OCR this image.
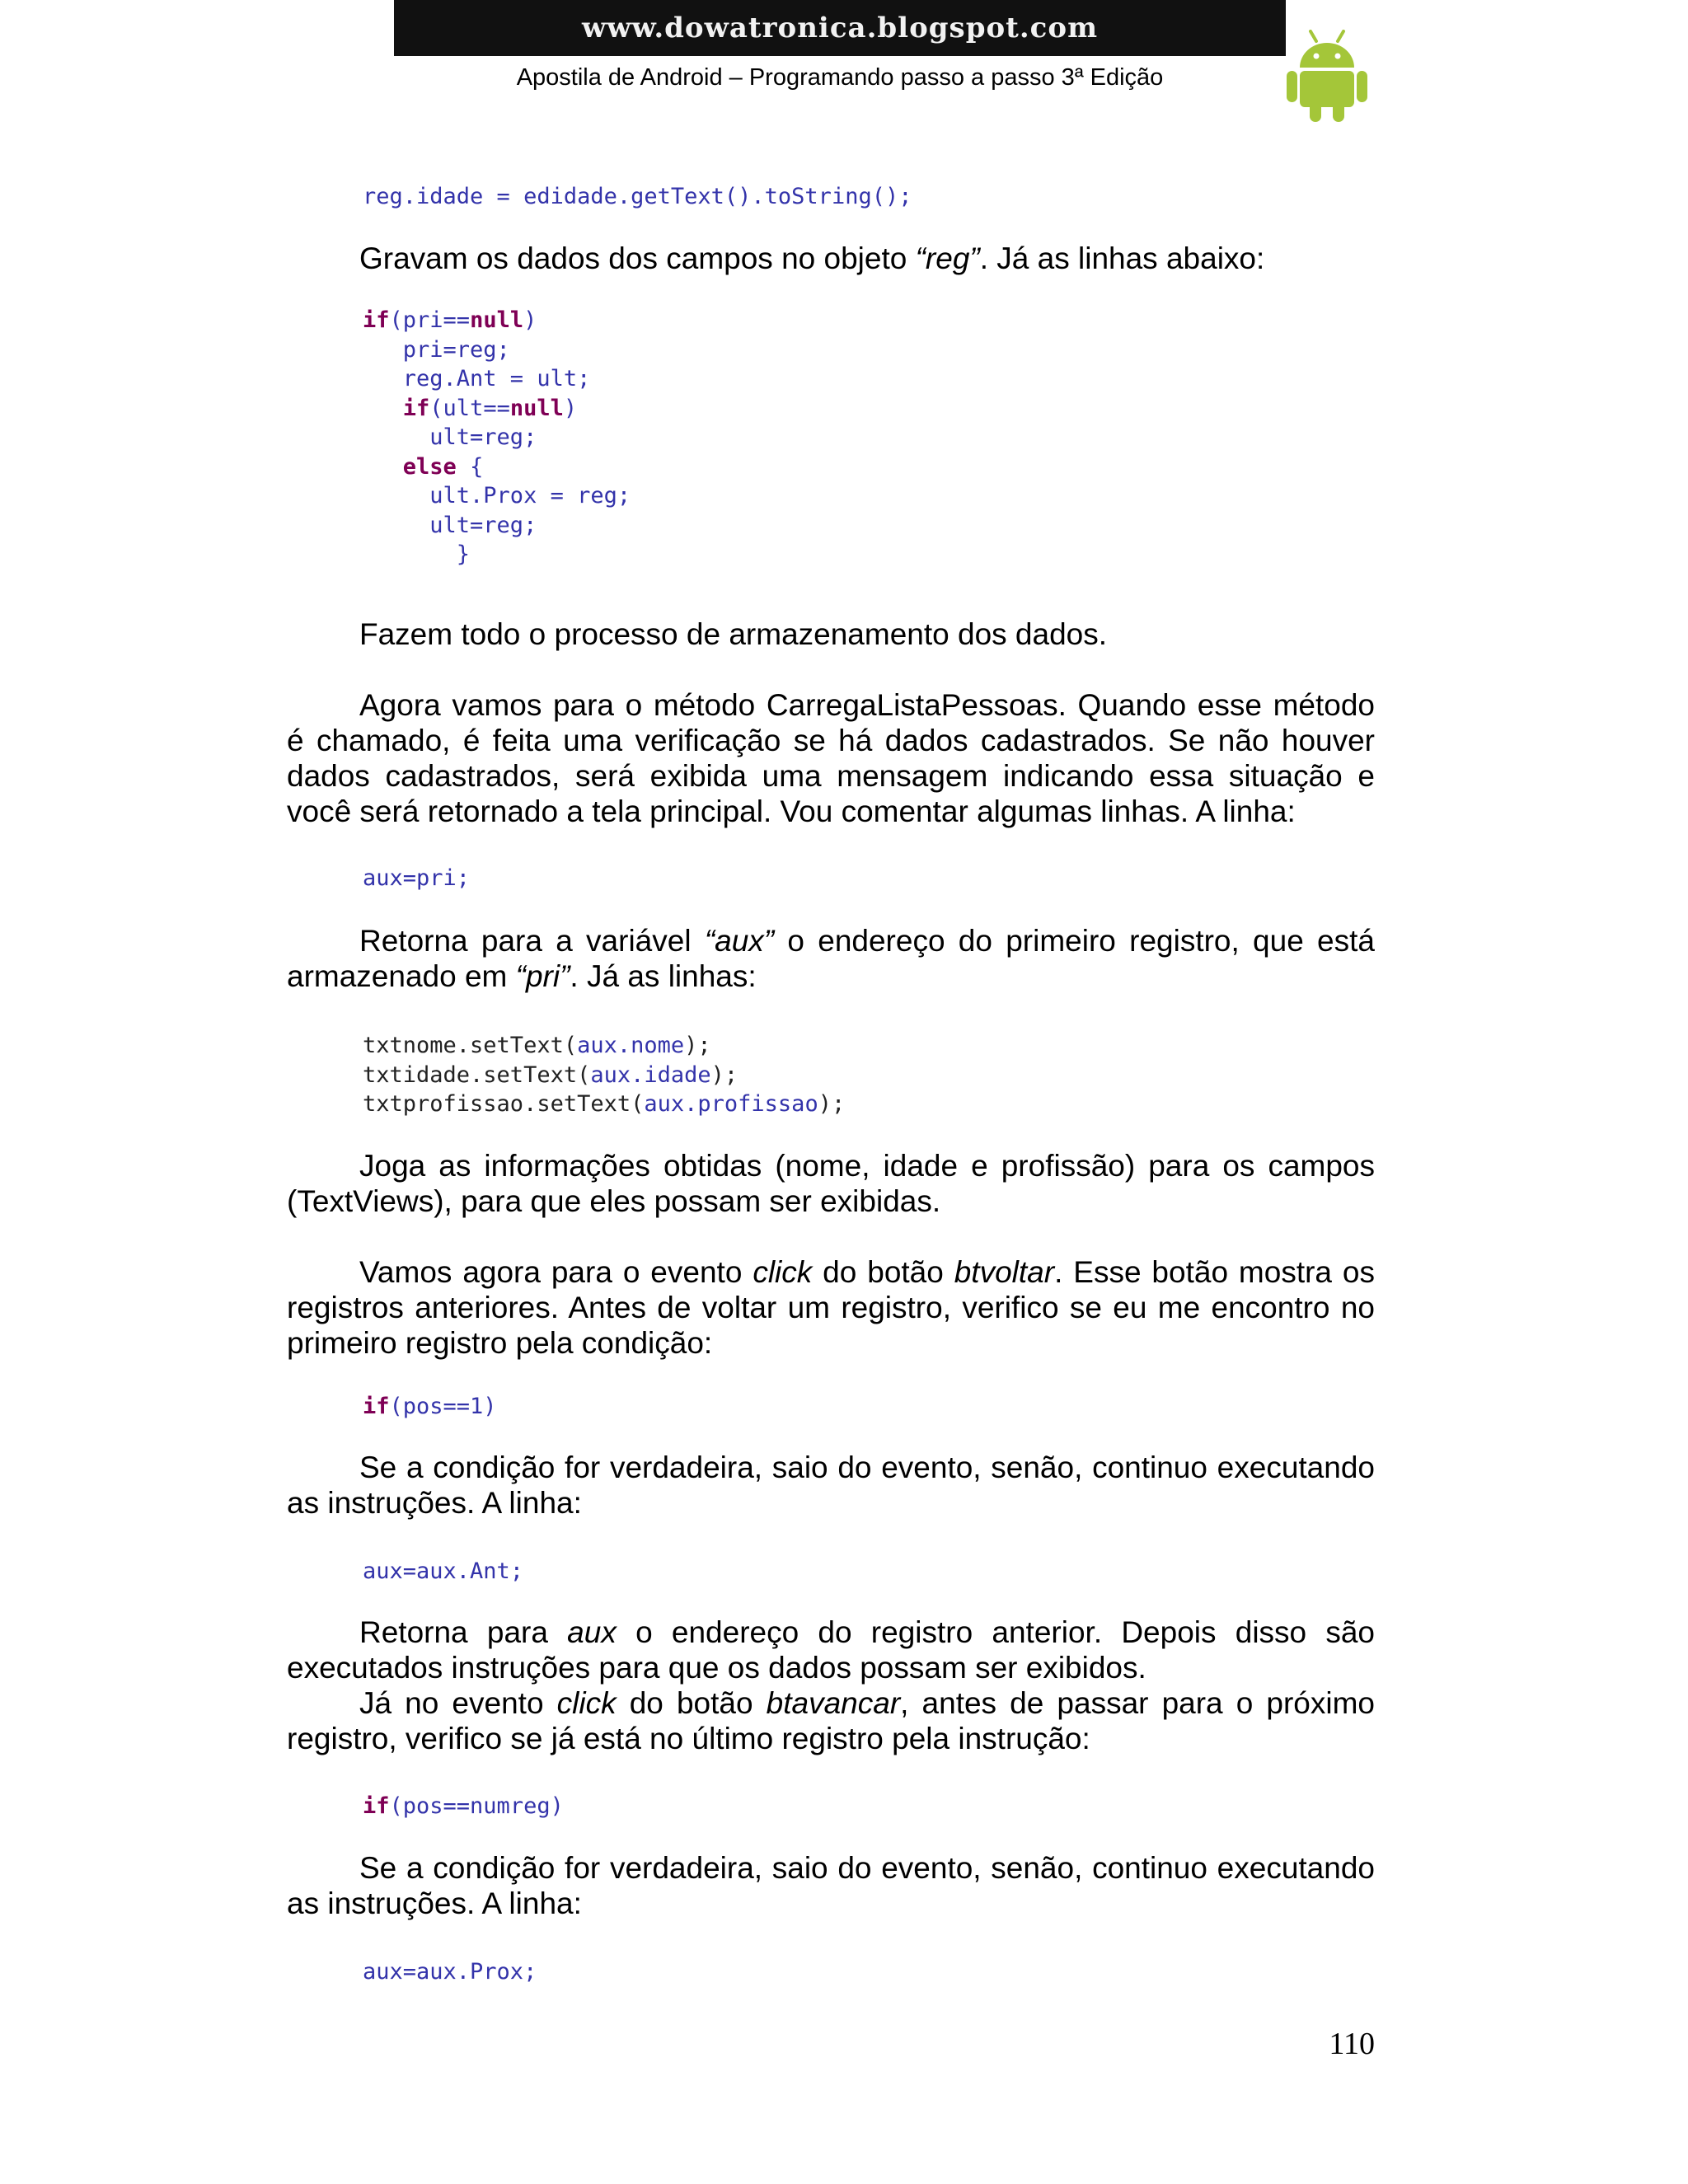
www.dowatronica.blogspot.com
Apostila de Android – Programando passo a passo 3ª Edição
reg.idade = edidade.getText().toString();

Gravam os dados dos campos no objeto “reg”. Já as linhas abaixo:

if(pri==null)
pri=reg;
reg.Ant = ult;
if(ult==null)
ult=reg;
else {
ult.Prox = reg;
ult=reg;
}

Fazem todo o processo de armazenamento dos dados.

Agora vamos para o método CarregaListaPessoas. Quando esse método é chamado, é feita uma verificação se há dados cadastrados. Se não houver dados cadastrados, será exibida uma mensagem indicando essa situação e você será retornado a tela principal. Vou comentar algumas linhas. A linha:

aux=pri;

Retorna para a variável “aux” o endereço do primeiro registro, que está armazenado em “pri”. Já as linhas:

txtnome.setText(aux.nome);
txtidade.setText(aux.idade);
txtprofissao.setText(aux.profissao);

Joga as informações obtidas (nome, idade e profissão) para os campos (TextViews), para que eles possam ser exibidas.

Vamos agora para o evento click do botão btvoltar. Esse botão mostra os registros anteriores. Antes de voltar um registro, verifico se eu me encontro no primeiro registro pela condição:

if(pos==1)

Se a condição for verdadeira, saio do evento, senão, continuo executando as instruções. A linha:

aux=aux.Ant;

Retorna para aux o endereço do registro anterior. Depois disso são executados instruções para que os dados possam ser exibidos.

Já no evento click do botão btavancar, antes de passar para o próximo registro, verifico se já está no último registro pela instrução:

if(pos==numreg)

Se a condição for verdadeira, saio do evento, senão, continuo executando as instruções. A linha:

aux=aux.Prox;
110
